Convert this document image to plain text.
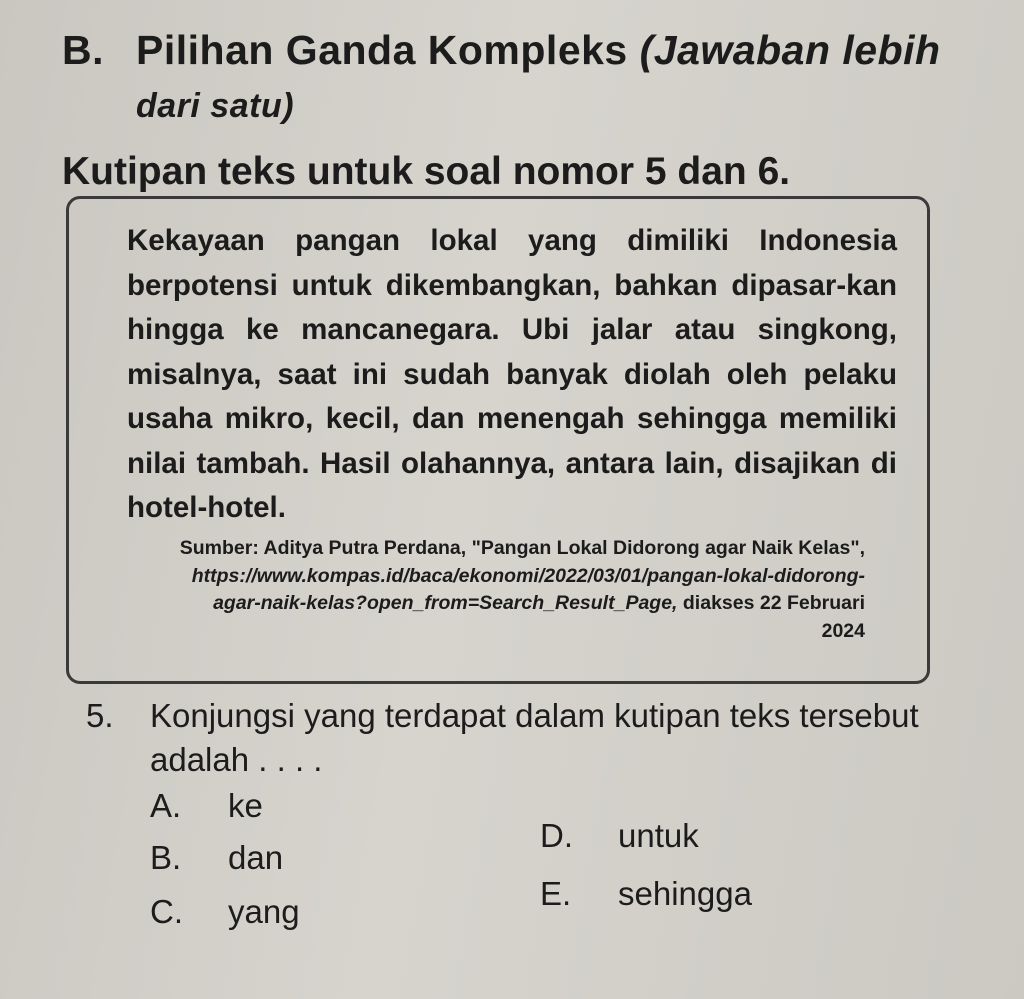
B. Pilihan Ganda Kompleks (Jawaban lebih
dari satu)
Kutipan teks untuk soal nomor 5 dan 6.
Kekayaan pangan lokal yang dimiliki Indonesia berpotensi untuk dikembangkan, bahkan dipasar-kan hingga ke mancanegara. Ubi jalar atau singkong, misalnya, saat ini sudah banyak diolah oleh pelaku usaha mikro, kecil, dan menengah sehingga memiliki nilai tambah. Hasil olahannya, antara lain, disajikan di hotel-hotel.
Sumber: Aditya Putra Perdana, "Pangan Lokal Didorong agar Naik Kelas", https://www.kompas.id/baca/ekonomi/2022/03/01/pangan-lokal-didorong-agar-naik-kelas?open_from=Search_Result_Page, diakses 22 Februari 2024
5.	Konjungsi yang terdapat dalam kutipan teks tersebut adalah . . . .
A. ke
B. dan
C. yang
D. untuk
E. sehingga
